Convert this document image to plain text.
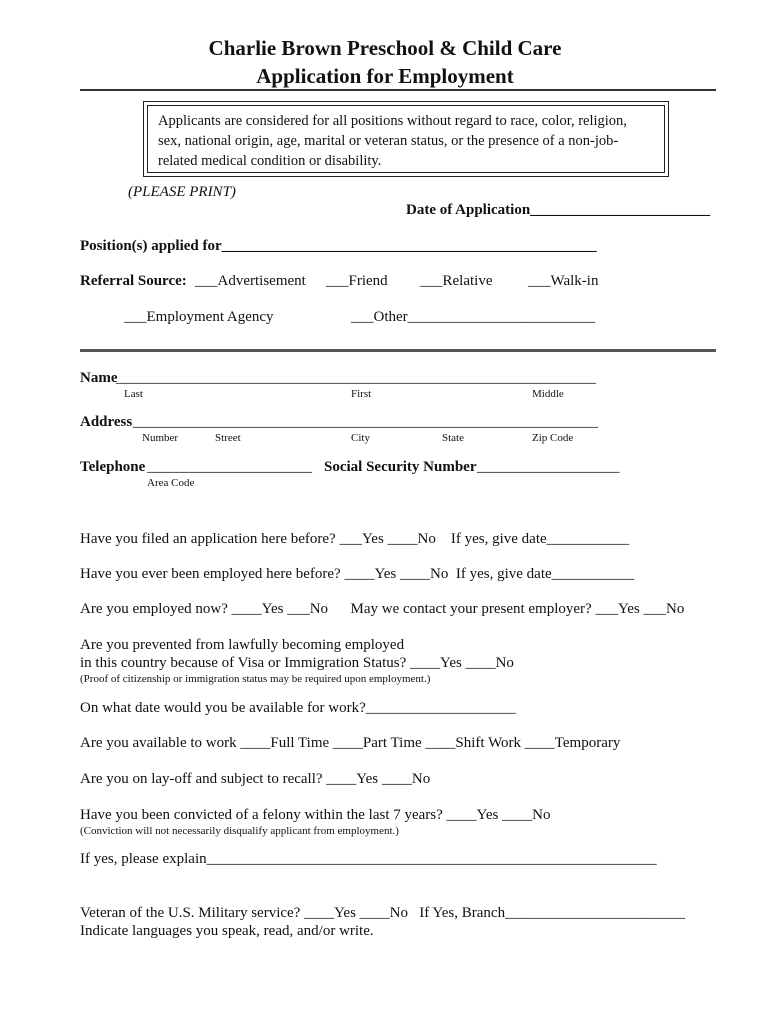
Charlie Brown Preschool & Child Care
Application for Employment
Applicants are considered for all positions without regard to race, color, religion,
sex, national origin, age, marital or veteran status, or the presence of a non-job-
related medical condition or disability.
(PLEASE PRINT)
Date of Application________________________
Position(s) applied for__________________________________________________
Referral Source: ___Advertisement ___Friend ___Relative ___Walk-in
___Employment Agency	___Other_________________________
Name
________________________________________________________________
Last	First	Middle
Address ______________________________________________________________
Number	Street	City	State	Zip Code
Telephone ______________________ Social Security Number ___________________
Area Code
Have you filed an application here before? ___Yes ____No    If yes, give date___________
Have you ever been employed here before? ____Yes ____No  If yes, give date___________
Are you employed now? ____Yes ___No      May we contact your present employer? ___Yes ___No
Are you prevented from lawfully becoming employed
in this country because of Visa or Immigration Status? ____Yes ____No
(Proof of citizenship or immigration status may be required upon employment.)
On what date would you be available for work?____________________
Are you available to work ____Full Time ____Part Time ____Shift Work ____Temporary
Are you on lay-off and subject to recall? ____Yes ____No
Have you been convicted of a felony within the last 7 years? ____Yes ____No
(Conviction will not necessarily disqualify applicant from employment.)
If yes, please explain____________________________________________________________
Veteran of the U.S. Military service? ____Yes ____No   If Yes, Branch________________________
Indicate languages you speak, read, and/or write.
